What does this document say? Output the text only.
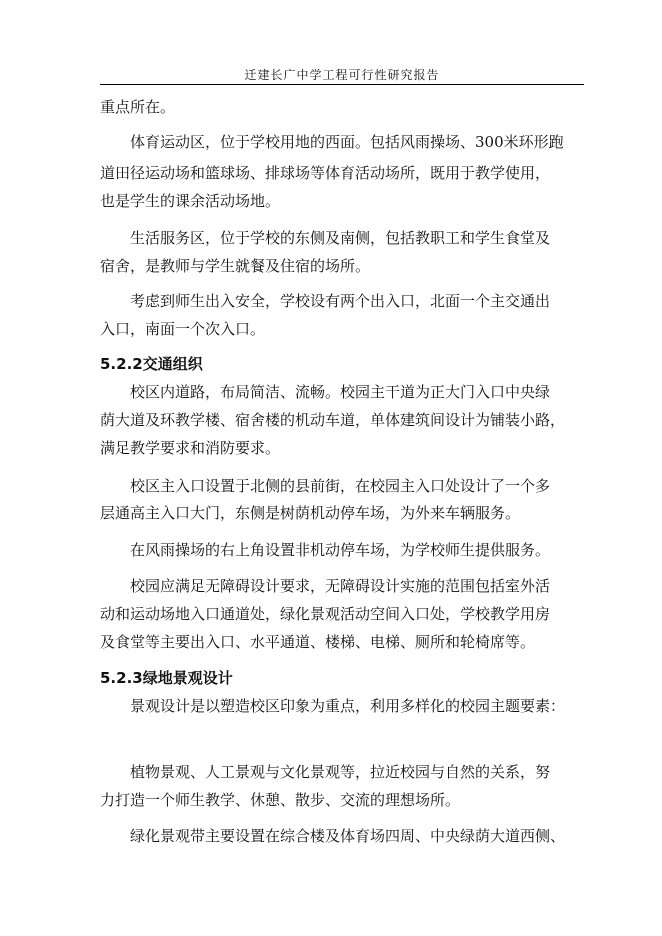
迁建长广中学工程可行性研究报告
重点所在。
体育运动区，位于学校用地的西面。包括风雨操场、300米环形跑
道田径运动场和篮球场、排球场等体育活动场所，既用于教学使用，
也是学生的课余活动场地。
生活服务区，位于学校的东侧及南侧，包括教职工和学生食堂及
宿舍，是教师与学生就餐及住宿的场所。
考虑到师生出入安全，学校设有两个出入口，北面一个主交通出
入口，南面一个次入口。
5.2.2交通组织
校区内道路，布局简洁、流畅。校园主干道为正大门入口中央绿
荫大道及环教学楼、宿舍楼的机动车道，单体建筑间设计为铺装小路，
满足教学要求和消防要求。
校区主入口设置于北侧的县前街，在校园主入口处设计了一个多
层通高主入口大门，东侧是树荫机动停车场，为外来车辆服务。
在风雨操场的右上角设置非机动停车场，为学校师生提供服务。
校园应满足无障碍设计要求，无障碍设计实施的范围包括室外活
动和运动场地入口通道处，绿化景观活动空间入口处，学校教学用房
及食堂等主要出入口、水平通道、楼梯、电梯、厕所和轮椅席等。
5.2.3绿地景观设计
景观设计是以塑造校区印象为重点，利用多样化的校园主题要素：
植物景观、人工景观与文化景观等，拉近校园与自然的关系，努
力打造一个师生教学、休憩、散步、交流的理想场所。
绿化景观带主要设置在综合楼及体育场四周、中央绿荫大道西侧、
